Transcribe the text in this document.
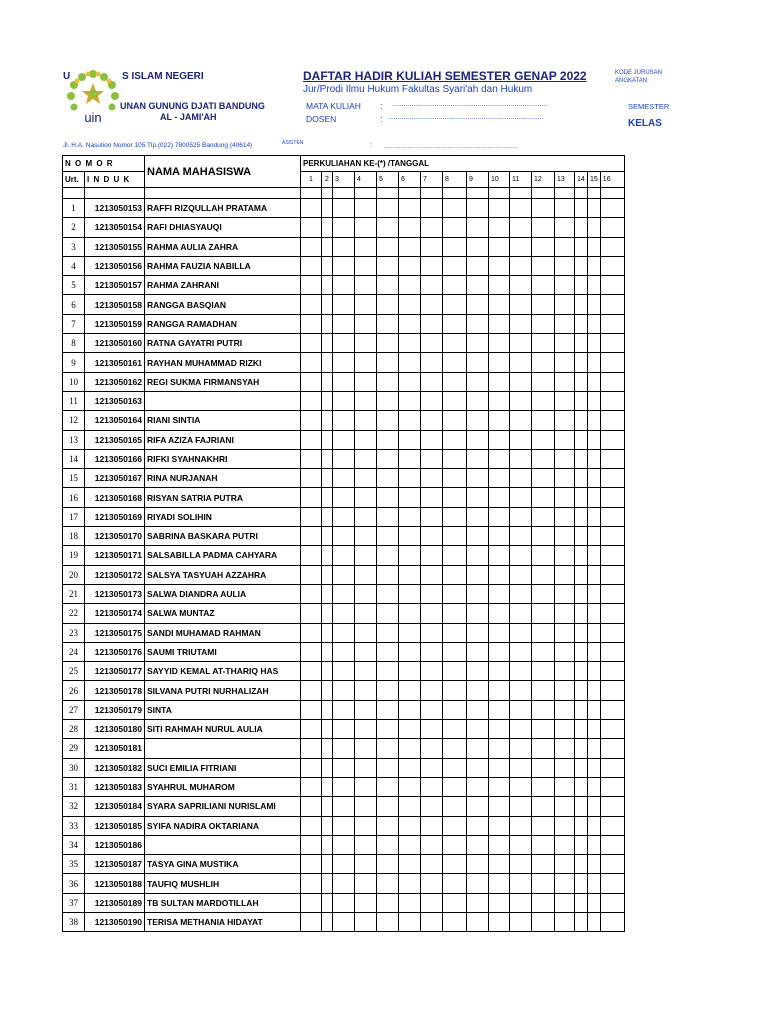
U	S ISLAM NEGERI
uin
UNAN GUNUNG DJATI BANDUNG
AL - JAMI'AH
DAFTAR HADIR KULIAH SEMESTER GENAP 2022
Jur/Prodi Ilmu Hukum Fakultas Syari'ah dan Hukum
KODE JURUSAN
ANGKATAN
MATA KULIAH : ................................................................................
DOSEN	: ................................................................................
SEMESTER
KELAS
Jl. H.A. Nasution Nomor 105 Tlp.(022) 7800525 Bandung (40614)	ASISTEN	: ................................................................................
N O M O R		NAMA MAHASISWA	PERKULIAHAN KE-(*) /TANGGAL															
Urt.	I N D U K		1	2	3	4	5	6	7	8	9	10	11	12	13	14	15	16

1	1213050153	RAFFI RIZQULLAH PRATAMA																
2	1213050154	RAFI DHIASYAUQI																
3	1213050155	RAHMA AULIA ZAHRA																
4	1213050156	RAHMA FAUZIA NABILLA																
5	1213050157	RAHMA ZAHRANI																
6	1213050158	RANGGA BASQIAN																
7	1213050159	RANGGA RAMADHAN																
8	1213050160	RATNA GAYATRI PUTRI																
9	1213050161	RAYHAN MUHAMMAD RIZKI																
10	1213050162	REGI SUKMA FIRMANSYAH																
11	1213050163																	
12	1213050164	RIANI SINTIA																
13	1213050165	RIFA AZIZA FAJRIANI																
14	1213050166	RIFKI SYAHNAKHRI																
15	1213050167	RINA NURJANAH																
16	1213050168	RISYAN SATRIA PUTRA																
17	1213050169	RIYADI SOLIHIN																
18	1213050170	SABRINA BASKARA PUTRI																
19	1213050171	SALSABILLA PADMA CAHYARA																
20	1213050172	SALSYA TASYUAH AZZAHRA																
21	1213050173	SALWA DIANDRA AULIA																
22	1213050174	SALWA MUNTAZ																
23	1213050175	SANDI MUHAMAD RAHMAN																
24	1213050176	SAUMI TRIUTAMI																
25	1213050177	SAYYID KEMAL AT-THARIQ HAS																
26	1213050178	SILVANA PUTRI NURHALIZAH																
27	1213050179	SINTA																
28	1213050180	SITI RAHMAH NURUL AULIA																
29	1213050181																	
30	1213050182	SUCI EMILIA FITRIANI																
31	1213050183	SYAHRUL MUHAROM																
32	1213050184	SYARA SAPRILIANI NURISLAMI																
33	1213050185	SYIFA NADIRA OKTARIANA																
34	1213050186																	
35	1213050187	TASYA GINA MUSTIKA																
36	1213050188	TAUFIQ MUSHLIH																
37	1213050189	TB SULTAN MARDOTILLAH																
38	1213050190	TERISA METHANIA HIDAYAT																
